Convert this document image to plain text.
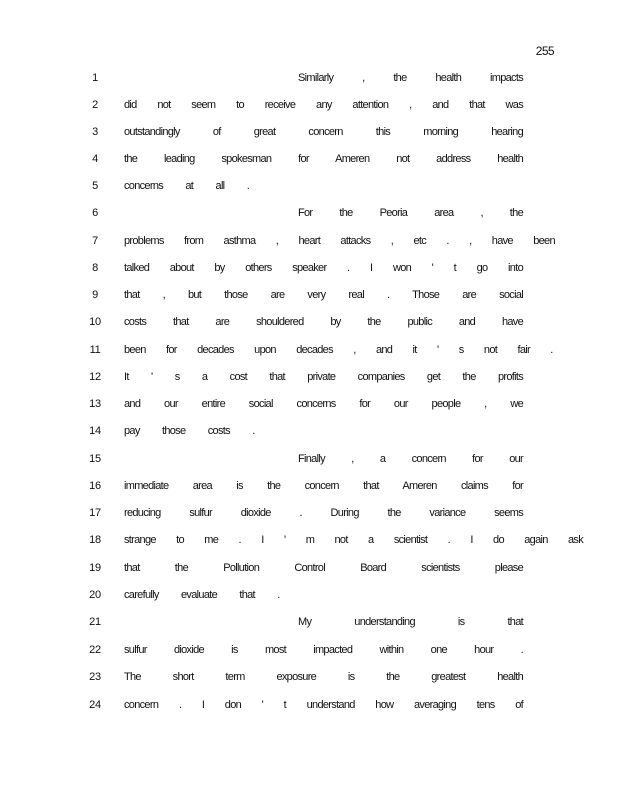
255
1	Similarly , the health impacts
2	did not seem to receive any attention , and that was
3	outstandingly of great concern this morning hearing
4	the leading spokesman for Ameren not address health
5	concerns at all .
6	For the Peoria area , the
7	problems from asthma , heart attacks , etc . , have been
8	talked about by others speaker . I won ' t go into
9	that , but those are very real . Those are social
10 costs that are shouldered by the public and have
11	been for decades upon decades , and it ' s not fair .
12 It ' s a cost that private companies get the profits
13 and our entire social concerns for our people , we
14 pay those costs .
15	Finally , a concern for our
16 immediate area is the concern that Ameren claims for
17 reducing sulfur dioxide . During the variance seems
18 strange to me . I ' m not a scientist . I do again ask
19 that the Pollution Control Board scientists please
20 carefully evaluate that .
21	My understanding is that
22 sulfur dioxide is most impacted within one hour .
23 The short term exposure is the greatest health
24 concern . I don ' t understand how averaging tens of
